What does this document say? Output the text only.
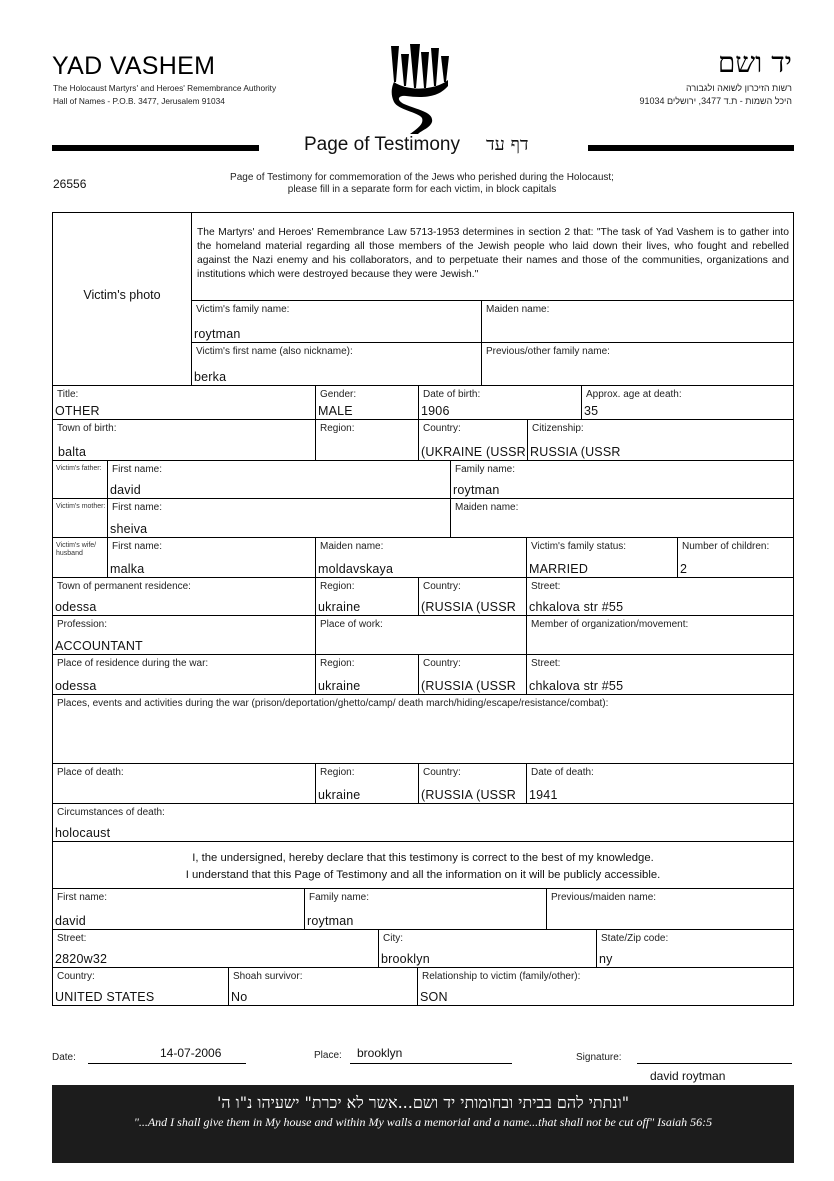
YAD VASHEM
The Holocaust Martyrs' and Heroes' Remembrance Authority
Hall of Names - P.O.B. 3477, Jerusalem 91034
יד ושם
רשות הזיכרון לשואה ולגבורה
היכל השמות - ת.ד 3477, ירושלים 91034
Page of Testimony דף עד
26556	Page of Testimony for commemoration of the Jews who perished during the Holocaust;
please fill in a separate form for each victim, in block capitals
Victim's photo
The Martyrs' and Heroes' Remembrance Law 5713-1953 determines in section 2 that: "The task of Yad Vashem is to gather into the homeland material regarding all those members of the Jewish people who laid down their lives, who fought and rebelled against the Nazi enemy and his collaborators, and to perpetuate their names and those of the communities, organizations and institutions which were destroyed because they were Jewish."
Victim's family name:
roytman
Maiden name:
Victim's first name (also nickname):
berka
Previous/other family name:
Title:
OTHER
Gender:
MALE
Date of birth:
1906
Approx. age at death:
35
Town of birth:
balta
Region:	Country:
(UKRAINE (USSR
Citizenship:
RUSSIA (USSR
Victim's father: First name:
david
Family name:
roytman
Victim's mother: First name:
sheiva
Maiden name:
Victim's wife/ husband
First name:
malka
Maiden name:
moldavskaya
Victim's family status:
MARRIED
Number of children:
2
Town of permanent residence:
odessa
Region:
ukraine
Country:
(RUSSIA (USSR
Street:
chkalova str #55
Profession:
ACCOUNTANT
Place of work:	Member of organization/movement:
Place of residence during the war:
odessa
Region:
ukraine
Country:
(RUSSIA (USSR
Street:
chkalova str #55
Places, events and activities during the war (prison/deportation/ghetto/camp/ death march/hiding/escape/resistance/combat):
Place of death:	Region:
ukraine
Country:
(RUSSIA (USSR
Date of death:
1941
Circumstances of death:
holocaust
I, the undersigned, hereby declare that this testimony is correct to the best of my knowledge.
I understand that this Page of Testimony and all the information on it will be publicly accessible.
First name:
david
Family name:
roytman
Previous/maiden name:
Street:
2820w32
City:
brooklyn
State/Zip code:
ny
Country:
UNITED STATES
Shoah survivor:
No
Relationship to victim (family/other):
SON
Date:	14-07-2006	Place: brooklyn	Signature:
david roytman
"ונתתי להם בביתי ובחומותי יד ושם...אשר לא יכרת" ישעיהו נ"ו ה'
"...And I shall give them in My house and within My walls a memorial and a name...that shall not be cut off" Isaiah 56:5
